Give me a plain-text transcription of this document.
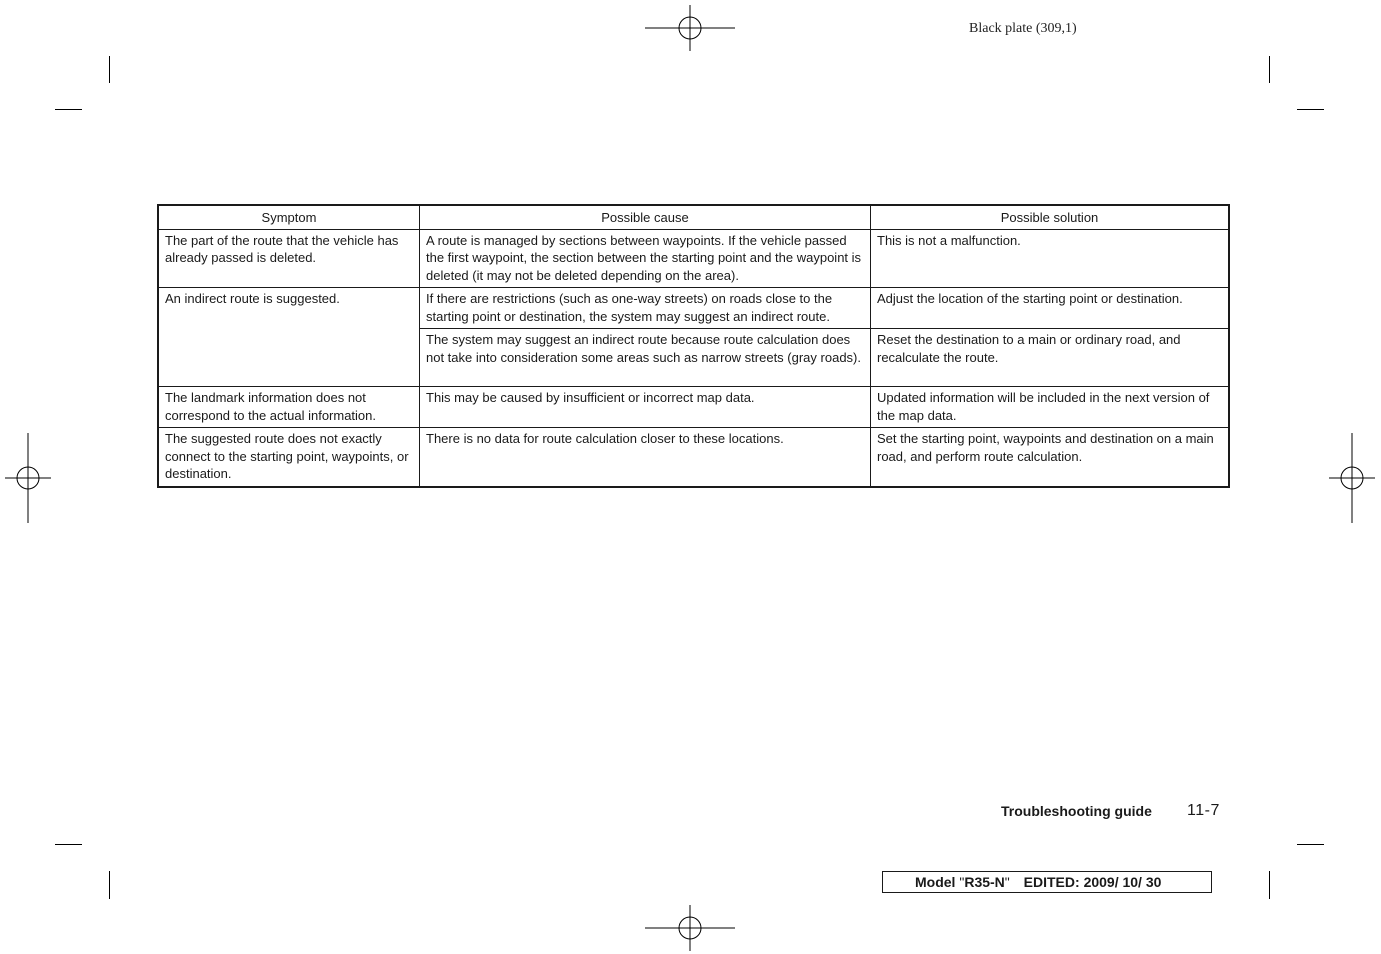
Black plate (309,1)
Symptom	Possible cause	Possible solution
The part of the route that the vehicle has already passed is deleted.	A route is managed by sections between waypoints. If the vehicle passed the first waypoint, the section between the starting point and the waypoint is deleted (it may not be deleted depending on the area).	This is not a malfunction.
An indirect route is suggested.	If there are restrictions (such as one-way streets) on roads close to the starting point or destination, the system may suggest an indirect route.	Adjust the location of the starting point or destination.
	The system may suggest an indirect route because route calculation does not take into consideration some areas such as narrow streets (gray roads).	Reset the destination to a main or ordinary road, and recalculate the route.
The landmark information does not correspond to the actual information.	This may be caused by insufficient or incorrect map data.	Updated information will be included in the next version of the map data.
The suggested route does not exactly connect to the starting point, waypoints, or destination.	There is no data for route calculation closer to these locations.	Set the starting point, waypoints and destination on a main road, and perform route calculation.
Troubleshooting guide 11-7
Model "R35-N" EDITED: 2009/ 10/ 30
